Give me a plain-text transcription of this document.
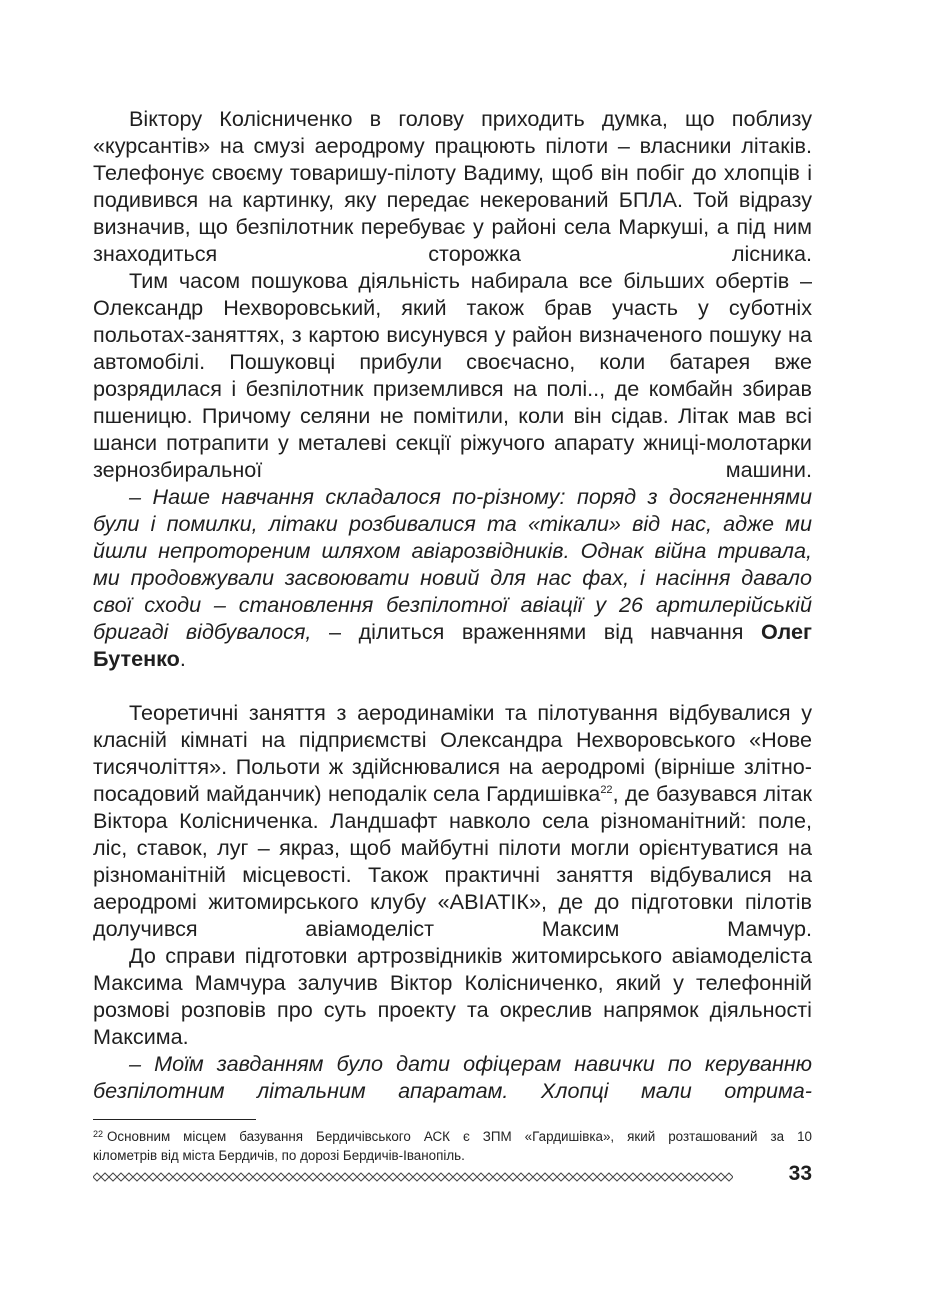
Віктору Колісниченко в голову приходить думка, що поблизу «курсантів» на смузі аеродрому працюють пілоти – власники літаків. Телефонує своєму товаришу-пілоту Вадиму, щоб він побіг до хлопців і подивився на картинку, яку передає некерований БПЛА. Той відразу визначив, що безпілотник перебуває у районі села Маркуші, а під ним знаходиться сторожка лісника.

Тим часом пошукова діяльність набирала все більших обертів – Олександр Нехворовський, який також брав участь у суботніх польотах-заняттях, з картою висунувся у район визначеного пошуку на автомобілі. Пошуковці прибули своєчасно, коли батарея вже розрядилася і безпілотник приземлився на полі.., де комбайн збирав пшеницю. Причому селяни не помітили, коли він сідав. Літак мав всі шанси потрапити у металеві секції ріжучого апарату жниці-молотарки зернозбиральної машини.

– Наше навчання складалося по-різному: поряд з досягненнями були і помилки, літаки розбивалися та «тікали» від нас, адже ми йшли непротореним шляхом авіарозвідників. Однак війна тривала, ми продовжували засвоювати новий для нас фах, і насіння давало свої сходи – становлення безпілотної авіації у 26 артилерійській бригаді відбувалося, – ділиться враженнями від навчання Олег Бутенко.

Теоретичні заняття з аеродинаміки та пілотування відбувалися у класній кімнаті на підприємстві Олександра Нехворовського «Нове тисячоліття». Польоти ж здійснювалися на аеродромі (вірніше злітно-посадовий майданчик) неподалік села Гардишівка$^{22}$, де базувався літак Віктора Колісниченка. Ландшафт навколо села різноманітний: поле, ліс, ставок, луг – якраз, щоб майбутні пілоти могли орієнтуватися на різноманітній місцевості. Також практичні заняття відбувалися на аеродромі житомирського клубу «АВІАТІК», де до підготовки пілотів долучився авіамоделіст Максим Мамчур.

До справи підготовки артрозвідників житомирського авіамоделіста Максима Мамчура залучив Віктор Колісниченко, який у телефонній розмові розповів про суть проекту та окреслив напрямок діяльності Максима.

– Моїм завданням було дати офіцерам навички по керуванню безпілотним літальним апаратам. Хлопці мали отрима-

$^{22}$ Основним місцем базування Бердичівського АСК є ЗПМ «Гардишівка», який розташований за 10
кілометрів від міста Бердичів, по дорозі Бердичів-Іванопіль.
33
